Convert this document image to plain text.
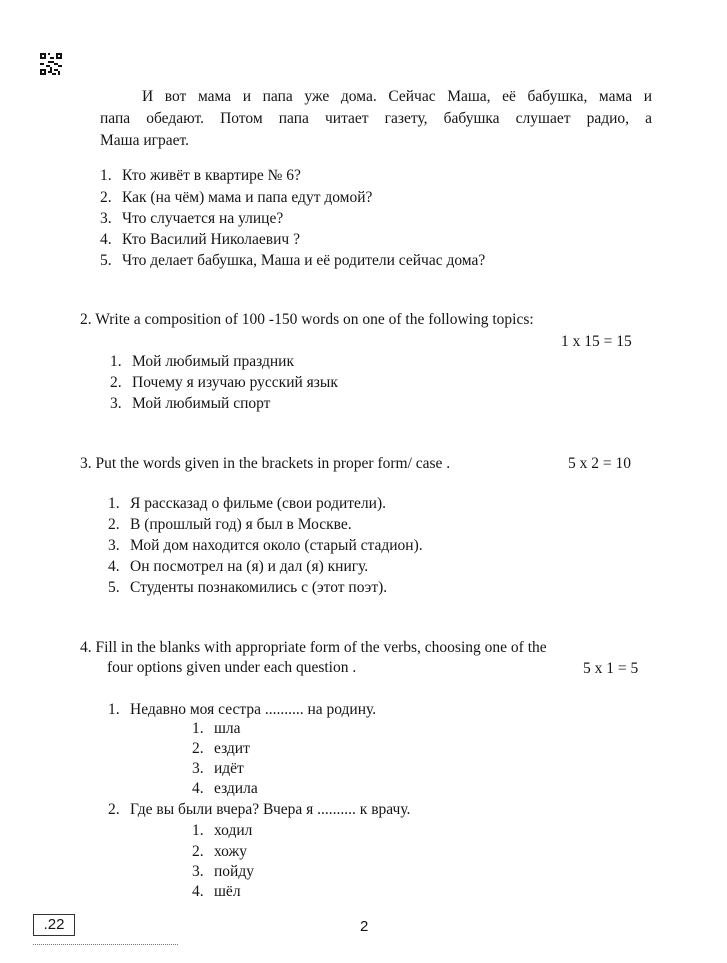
И вот мама и папа уже дома. Сейчас Маша, её бабушка, мама и
папа обедают. Потом папа читает газету, бабушка слушает радио, а
Маша играет.
1. Кто живёт в квартире № 6?
2. Как (на чём) мама и папа едут домой?
3. Что случается на улице?
4. Кто Василий Николаевич ?
5. Что делает бабушка, Маша и её родители сейчас дома?
2. Write a composition of 100 -150 words on one of the following topics:
1 x 15 = 15
1. Мой любимый праздник
2. Почему я изучаю русский язык
3. Мой любимый спорт
3. Put the words given in the brackets in proper form/ case .	5 x 2 = 10
1. Я рассказад о фильме (свои родители).
2. В (прошлый год) я был в Москве.
3. Мой дом находится около (старый стадион).
4. Он посмотрел на (я) и дал (я) книгу.
5. Студенты познакомились с (этот поэт).
4. Fill in the blanks with appropriate form of the verbs, choosing one of the
four options given under each question .	5 x 1 = 5
1. Недавно моя сестра .......... на родину.
1. шла
2. ездит
3. идёт
4. ездила
2. Где вы были вчера? Вчера я .......... к врачу.
1. ходил
2. хожу
3. пойду
4. шёл
.22	2
